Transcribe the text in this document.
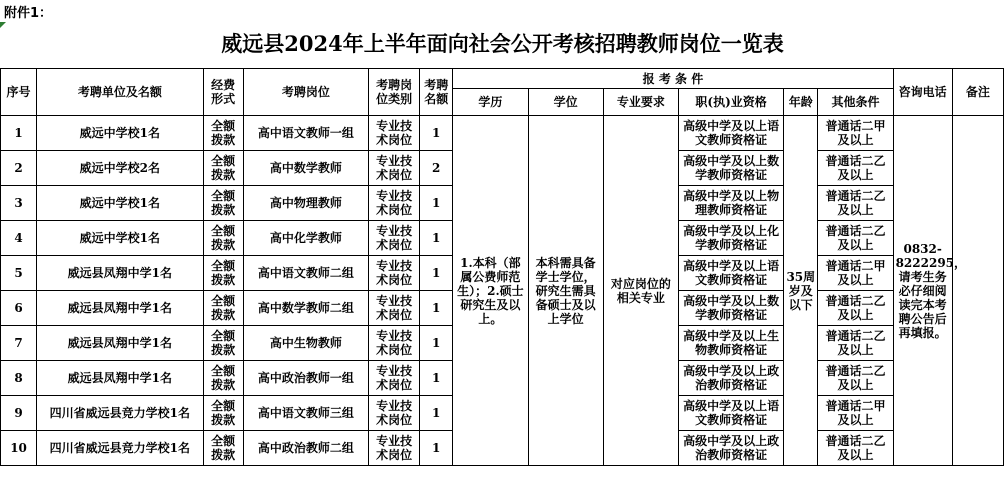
附件1：
威远县2024年上半年面向社会公开考核招聘教师岗位一览表
序号	考聘单位及名额	经费形式	考聘岗位	考聘岗位类别	考聘名额	报 考 条 件						咨询电话	备注
						学历	学位	专业要求	职(执)业资格	年龄	其他条件		
1	威远中学校1名	全额拨款	高中语文教师一组	专业技术岗位	1	1.本科（部属公费师范生）；2.硕士研究生及以上。	本科需具备学士学位，研究生需具备硕士及以上学位	对应岗位的相关专业	高级中学及以上语文教师资格证	35周岁及以下	普通话二甲及以上	0832-8222295，请考生务必仔细阅读完本考聘公告后再填报。	
2	威远中学校2名	全额拨款	高中数学教师	专业技术岗位	2				高级中学及以上数学教师资格证		普通话二乙及以上		
3	威远中学校1名	全额拨款	高中物理教师	专业技术岗位	1				高级中学及以上物理教师资格证		普通话二乙及以上		
4	威远中学校1名	全额拨款	高中化学教师	专业技术岗位	1				高级中学及以上化学教师资格证		普通话二乙及以上		
5	威远县凤翔中学1名	全额拨款	高中语文教师二组	专业技术岗位	1				高级中学及以上语文教师资格证		普通话二甲及以上		
6	威远县凤翔中学1名	全额拨款	高中数学教师二组	专业技术岗位	1				高级中学及以上数学教师资格证		普通话二乙及以上		
7	威远县凤翔中学1名	全额拨款	高中生物教师	专业技术岗位	1				高级中学及以上生物教师资格证		普通话二乙及以上		
8	威远县凤翔中学1名	全额拨款	高中政治教师一组	专业技术岗位	1				高级中学及以上政治教师资格证		普通话二乙及以上		
9	四川省威远县竞力学校1名	全额拨款	高中语文教师三组	专业技术岗位	1				高级中学及以上语文教师资格证		普通话二甲及以上		
10	四川省威远县竞力学校1名	全额拨款	高中政治教师二组	专业技术岗位	1				高级中学及以上政治教师资格证		普通话二乙及以上		
